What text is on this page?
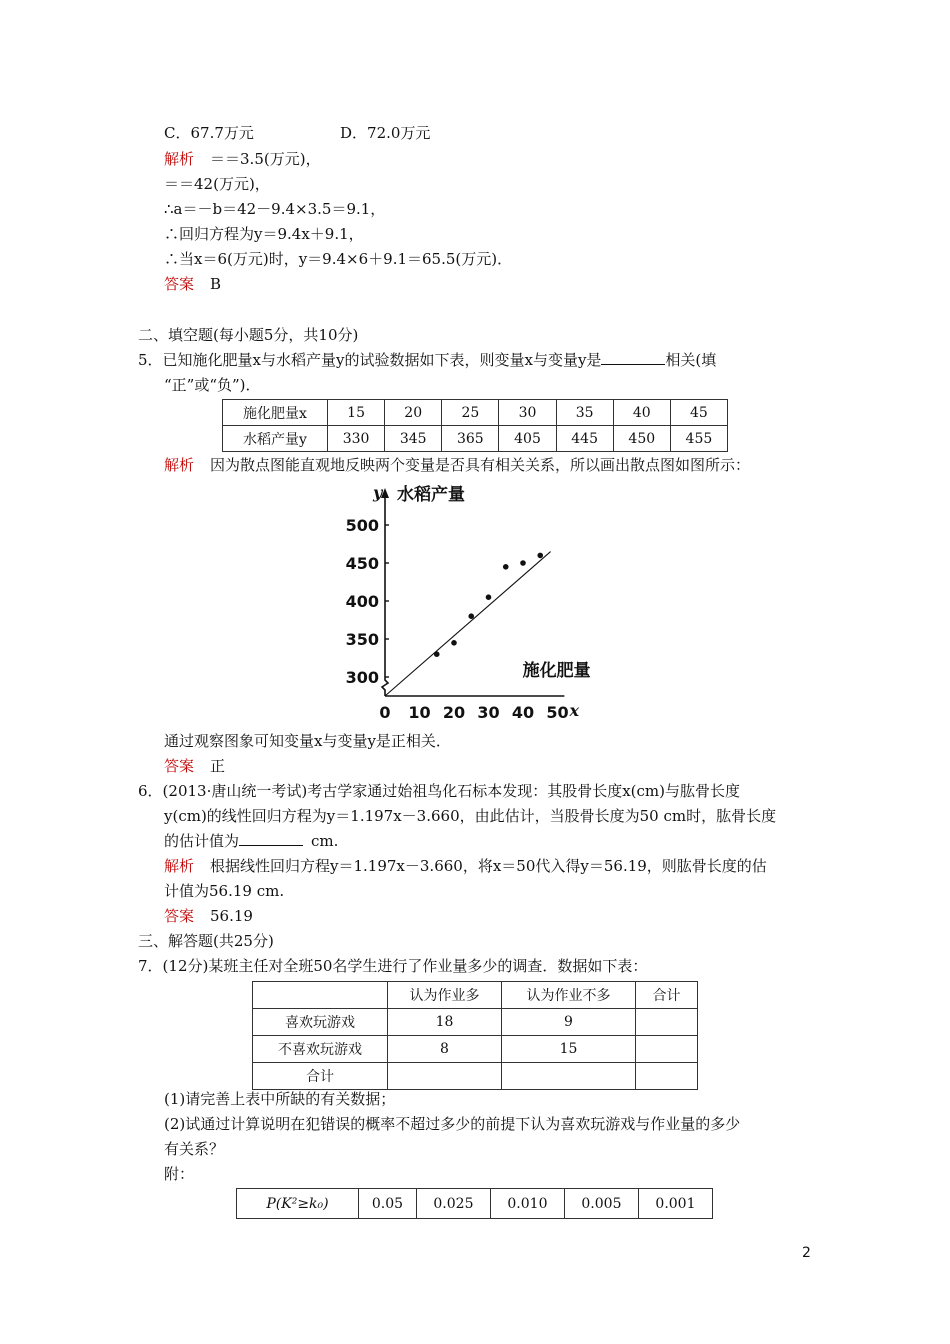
C．67.7万元	D．72.0万元
解析 ＝＝3.5(万元)，
＝＝42(万元)，
∴a＝－b＝42－9.4×3.5＝9.1，
∴回归方程为y＝9.4x＋9.1，
∴当x＝6(万元)时，y＝9.4×6＋9.1＝65.5(万元)．
答案 B
二、填空题(每小题5分，共10分)
5．已知施化肥量x与水稻产量y的试验数据如下表，则变量x与变量y是	相关(填
“正”或“负”)．
施化肥量x	15	20	25	30	35	40	45
水稻产量y	330	345	365	405	445	450	455
解析 因为散点图能直观地反映两个变量是否具有相关关系，所以画出散点图如图所示：
300
350
400
450
500
0 10 20 30 40 50 x
y 水稻产量
施化肥量
通过观察图象可知变量x与变量y是正相关．
答案 正
6．(2013·唐山统一考试)考古学家通过始祖鸟化石标本发现：其股骨长度x(cm)与肱骨长度
y(cm)的线性回归方程为y＝1.197x－3.660，由此估计，当股骨长度为50 cm时，肱骨长度
的估计值为	cm.
解析 根据线性回归方程y＝1.197x－3.660，将x＝50代入得y＝56.19，则肱骨长度的估
计值为56.19 cm.
答案 56.19
三、解答题(共25分)
7．(12分)某班主任对全班50名学生进行了作业量多少的调查．数据如下表：
	认为作业多	认为作业不多	合计
喜欢玩游戏	18	9	
不喜欢玩游戏	8	15	
合计			
(1)请完善上表中所缺的有关数据；
(2)试通过计算说明在犯错误的概率不超过多少的前提下认为喜欢玩游戏与作业量的多少
有关系？
附：
P(K²≥k₀)	0.05	0.025	0.010	0.005	0.001
2
